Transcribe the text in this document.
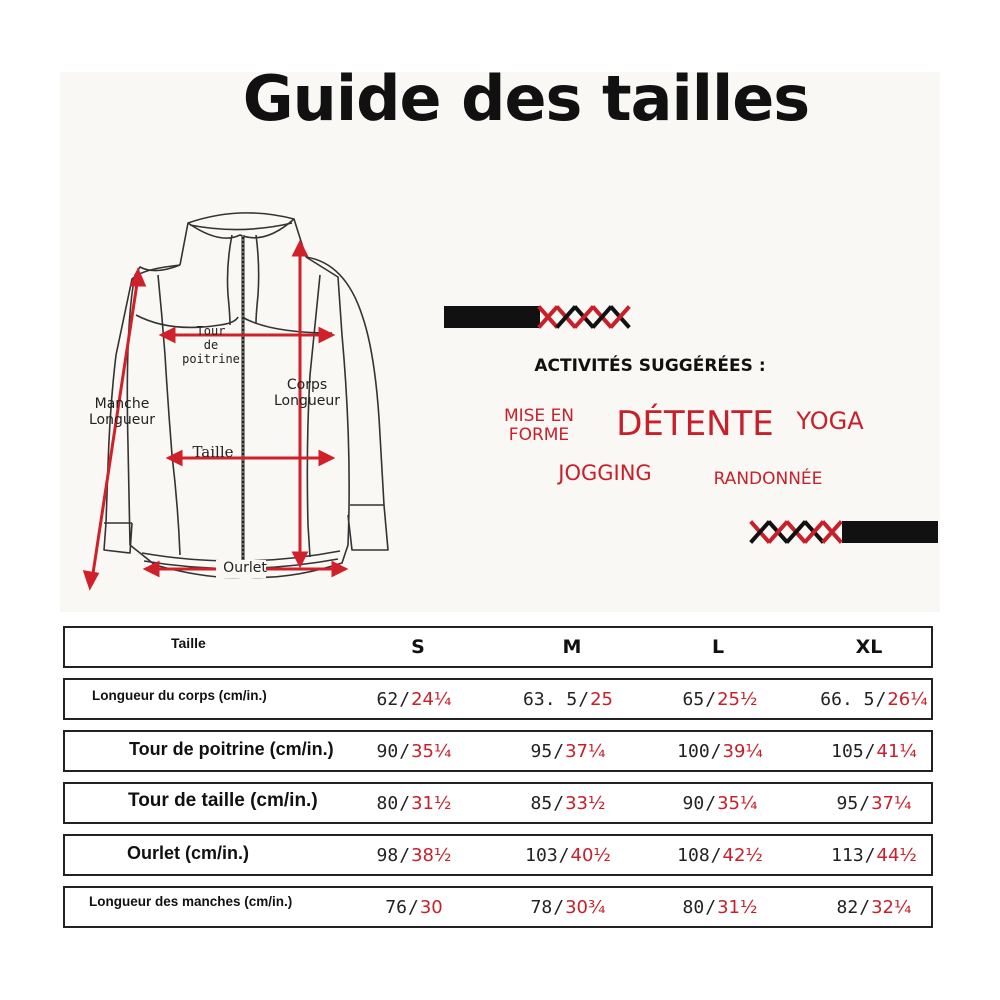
Guide des tailles
Tour
de
poitrine
Corps
Longueur
Manche
Longueur
Taille
Ourlet
ACTIVITÉS SUGGÉRÉES :
MISE EN
FORME	DÉTENTE YOGA
JOGGING	RANDONNÉE
Taille	S	M	L	XL
Longueur du corps (cm/in.)	62 / 24¼	63. 5 / 25	65 / 25½	66. 5 / 26¼
Tour de poitrine (cm/in.) 90 / 35¼	95 / 37¼	100 / 39¼	105 / 41¼
Tour de taille (cm/in.)	80 / 31½	85 / 33½	90 / 35¼	95 / 37¼
Ourlet (cm/in.)	98 / 38½	103 / 40½	108 / 42½	113 / 44½
Longueur des manches (cm/in.)	76 / 30	78 / 30¾	80 / 31½	82 / 32¼
